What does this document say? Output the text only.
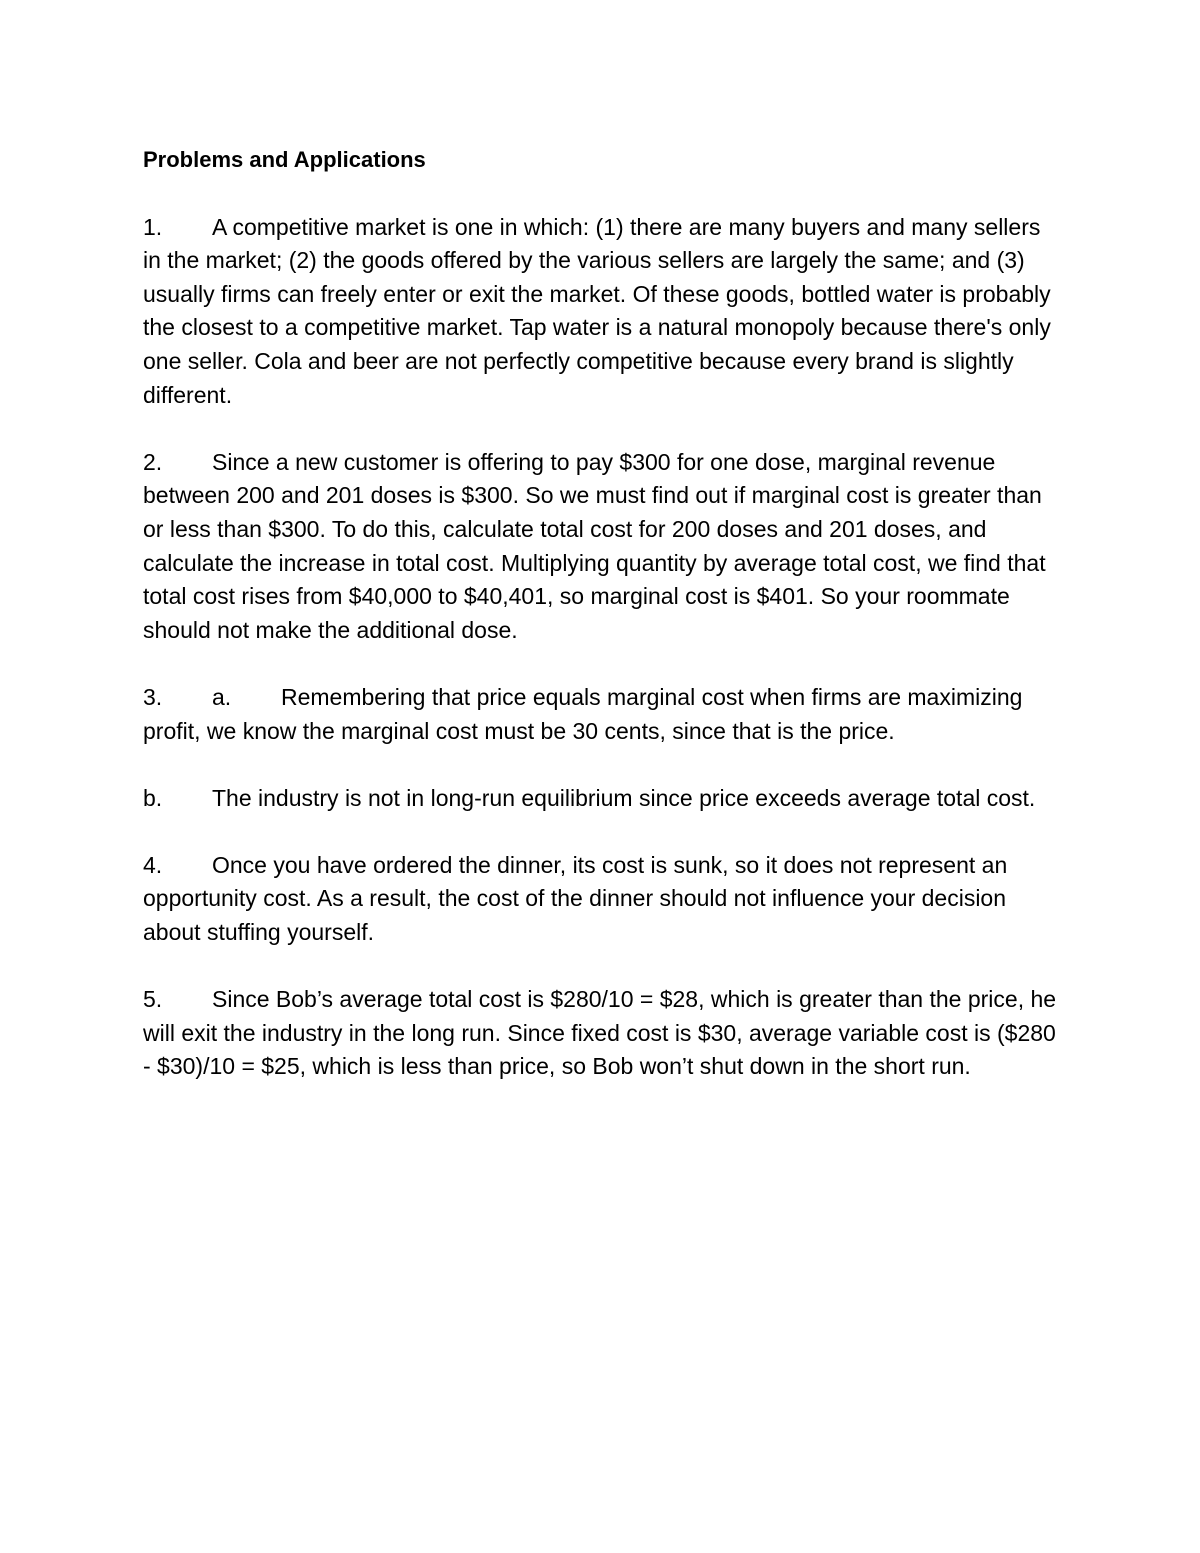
Problems and Applications

1. A competitive market is one in which: (1) there are many buyers and many sellers in the market; (2) the goods offered by the various sellers are largely the same; and (3) usually firms can freely enter or exit the market. Of these goods, bottled water is probably the closest to a competitive market. Tap water is a natural monopoly because there's only one seller. Cola and beer are not perfectly competitive because every brand is slightly different.

2. Since a new customer is offering to pay $300 for one dose, marginal revenue between 200 and 201 doses is $300. So we must find out if marginal cost is greater than or less than $300. To do this, calculate total cost for 200 doses and 201 doses, and calculate the increase in total cost. Multiplying quantity by average total cost, we find that total cost rises from $40,000 to $40,401, so marginal cost is $401. So your roommate should not make the additional dose.

3. a. Remembering that price equals marginal cost when firms are maximizing profit, we know the marginal cost must be 30 cents, since that is the price.

b. The industry is not in long-run equilibrium since price exceeds average total cost.

4. Once you have ordered the dinner, its cost is sunk, so it does not represent an opportunity cost. As a result, the cost of the dinner should not influence your decision about stuffing yourself.

5. Since Bob’s average total cost is $280/10 = $28, which is greater than the price, he will exit the industry in the long run. Since fixed cost is $30, average variable cost is ($280 - $30)/10 = $25, which is less than price, so Bob won’t shut down in the short run.
